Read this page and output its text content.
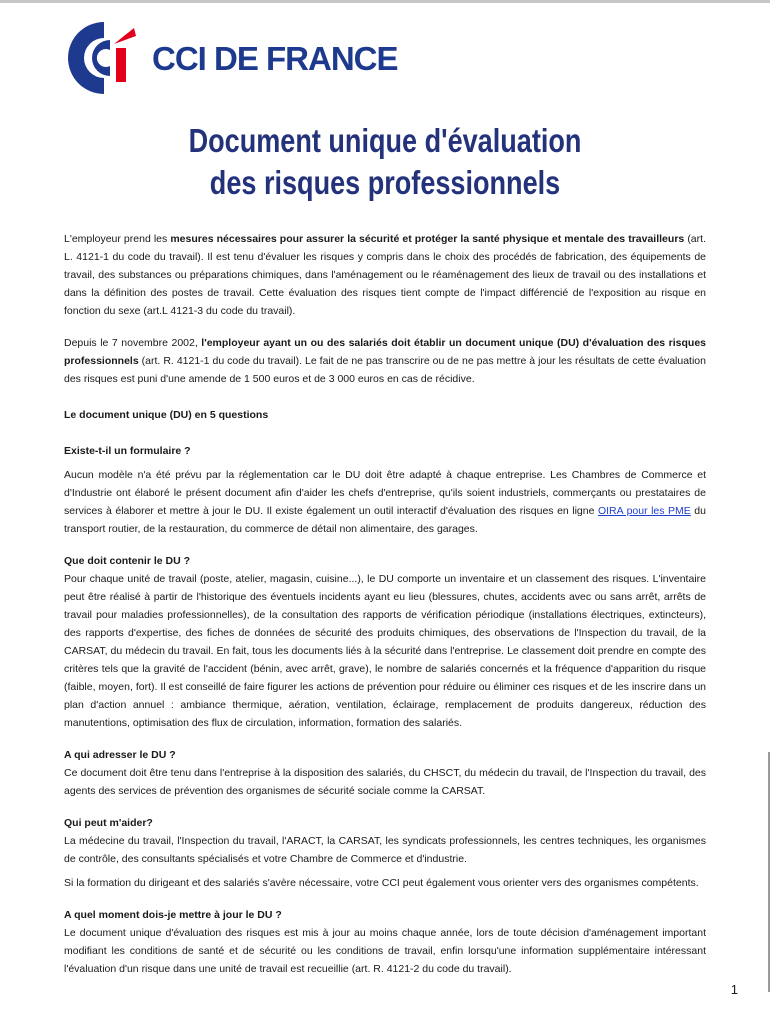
CCI DE FRANCE
Document unique d'évaluation
des risques professionnels

L'employeur prend les mesures nécessaires pour assurer la sécurité et protéger la santé physique et mentale des travailleurs (art. L. 4121-1 du code du travail). Il est tenu d'évaluer les risques y compris dans le choix des procédés de fabrication, des équipements de travail, des substances ou préparations chimiques, dans l'aménagement ou le réaménagement des lieux de travail ou des installations et dans la définition des postes de travail. Cette évaluation des risques tient compte de l'impact différencié de l'exposition au risque en fonction du sexe (art.L 4121-3 du code du travail).

Depuis le 7 novembre 2002, l'employeur ayant un ou des salariés doit établir un document unique (DU) d'évaluation des risques professionnels (art. R. 4121-1 du code du travail). Le fait de ne pas transcrire ou de ne pas mettre à jour les résultats de cette évaluation des risques est puni d'une amende de 1 500 euros et de 3 000 euros en cas de récidive.

Le document unique (DU) en 5 questions

Existe-t-il un formulaire ?

Aucun modèle n'a été prévu par la réglementation car le DU doit être adapté à chaque entreprise. Les Chambres de Commerce et d'Industrie ont élaboré le présent document afin d'aider les chefs d'entreprise, qu'ils soient industriels, commerçants ou prestataires de services à élaborer et mettre à jour le DU. Il existe également un outil interactif d'évaluation des risques en ligne OIRA pour les PME du transport routier, de la restauration, du commerce de détail non alimentaire, des garages.

Que doit contenir le DU ?

Pour chaque unité de travail (poste, atelier, magasin, cuisine...), le DU comporte un inventaire et un classement des risques. L'inventaire peut être réalisé à partir de l'historique des éventuels incidents ayant eu lieu (blessures, chutes, accidents avec ou sans arrêt, arrêts de travail pour maladies professionnelles), de la consultation des rapports de vérification périodique (installations électriques, extincteurs), des rapports d'expertise, des fiches de données de sécurité des produits chimiques, des observations de l'Inspection du travail, de la CARSAT, du médecin du travail. En fait, tous les documents liés à la sécurité dans l'entreprise. Le classement doit prendre en compte des critères tels que la gravité de l'accident (bénin, avec arrêt, grave), le nombre de salariés concernés et la fréquence d'apparition du risque (faible, moyen, fort). Il est conseillé de faire figurer les actions de prévention pour réduire ou éliminer ces risques et de les inscrire dans un plan d'action annuel : ambiance thermique, aération, ventilation, éclairage, remplacement de produits dangereux, réduction des manutentions, optimisation des flux de circulation, information, formation des salariés.

A qui adresser le DU ?

Ce document doit être tenu dans l'entreprise à la disposition des salariés, du CHSCT, du médecin du travail, de l'Inspection du travail, des agents des services de prévention des organismes de sécurité sociale comme la CARSAT.

Qui peut m'aider?

La médecine du travail, l'Inspection du travail, l'ARACT, la CARSAT, les syndicats professionnels, les centres techniques, les organismes de contrôle, des consultants spécialisés et votre Chambre de Commerce et d'industrie.

Si la formation du dirigeant et des salariés s'avère nécessaire, votre CCI peut également vous orienter vers des organismes compétents.

A quel moment dois-je mettre à jour le DU ?

Le document unique d'évaluation des risques est mis à jour au moins chaque année, lors de toute décision d'aménagement important modifiant les conditions de santé et de sécurité ou les conditions de travail, enfin lorsqu'une information supplémentaire intéressant l'évaluation d'un risque dans une unité de travail est recueillie (art. R. 4121-2 du code du travail).

1
